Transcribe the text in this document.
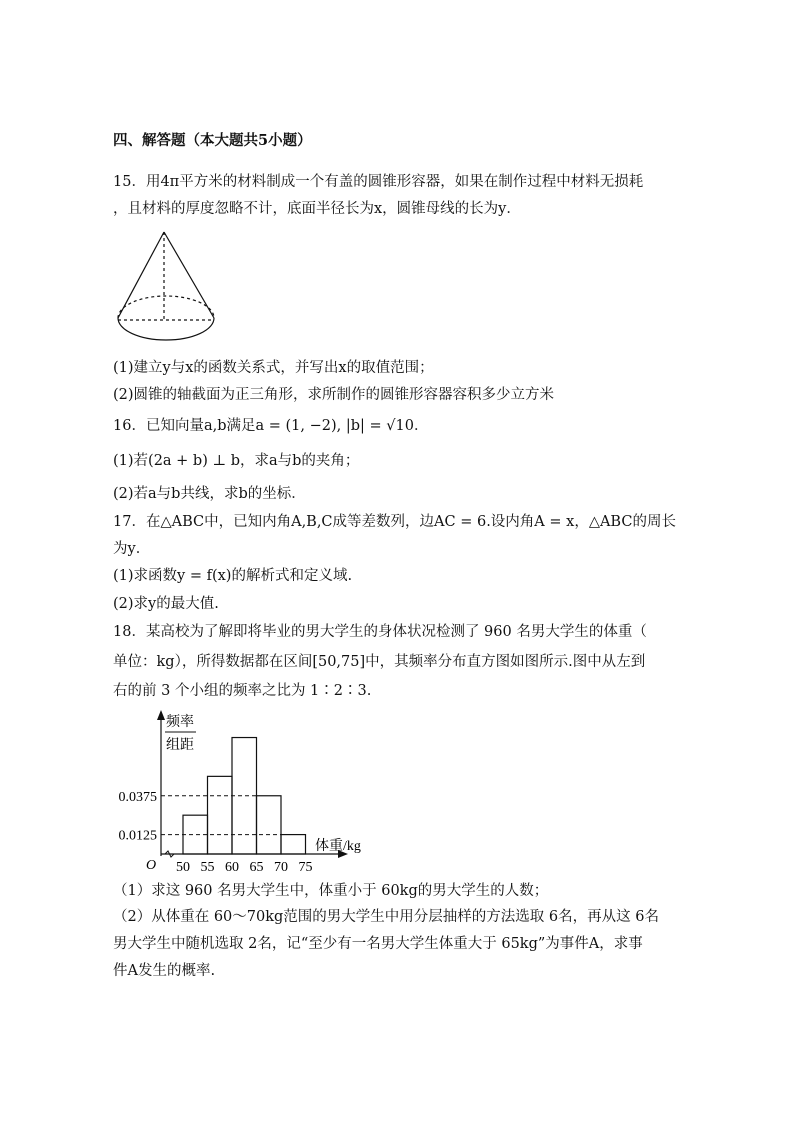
四、解答题（本大题共5小题）
15．用4π平方米的材料制成一个有盖的圆锥形容器，如果在制作过程中材料无损耗
，且材料的厚度忽略不计，底面半径长为x，圆锥母线的长为y．
(1)建立y与x的函数关系式，并写出x的取值范围；
(2)圆锥的轴截面为正三角形，求所制作的圆锥形容器容积多少立方米
16．已知向量a,b满足a = (1, −2), |b| = √10．
(1)若(2a + b) ⊥ b，求a与b的夹角；
(2)若a与b共线，求b的坐标．
17．在△ABC中，已知内角A,B,C成等差数列，边AC = 6.设内角A = x，△ABC的周长
为y．
(1)求函数y = f(x)的解析式和定义域.
(2)求y的最大值.
18．某高校为了解即将毕业的男大学生的身体状况检测了 960 名男大学生的体重（
单位：kg），所得数据都在区间[50,75]中，其频率分布直方图如图所示.图中从左到
右的前 3 个小组的频率之比为 1∶2∶3.
频率
组距
0.0375
0.0125
50 55 60 65 70 75
体重/kg
O
（1）求这 960 名男大学生中，体重小于 60kg的男大学生的人数；
（2）从体重在 60～70kg范围的男大学生中用分层抽样的方法选取 6名，再从这 6名
男大学生中随机选取 2名，记“至少有一名男大学生体重大于 65kg”为事件A，求事
件A发生的概率.
